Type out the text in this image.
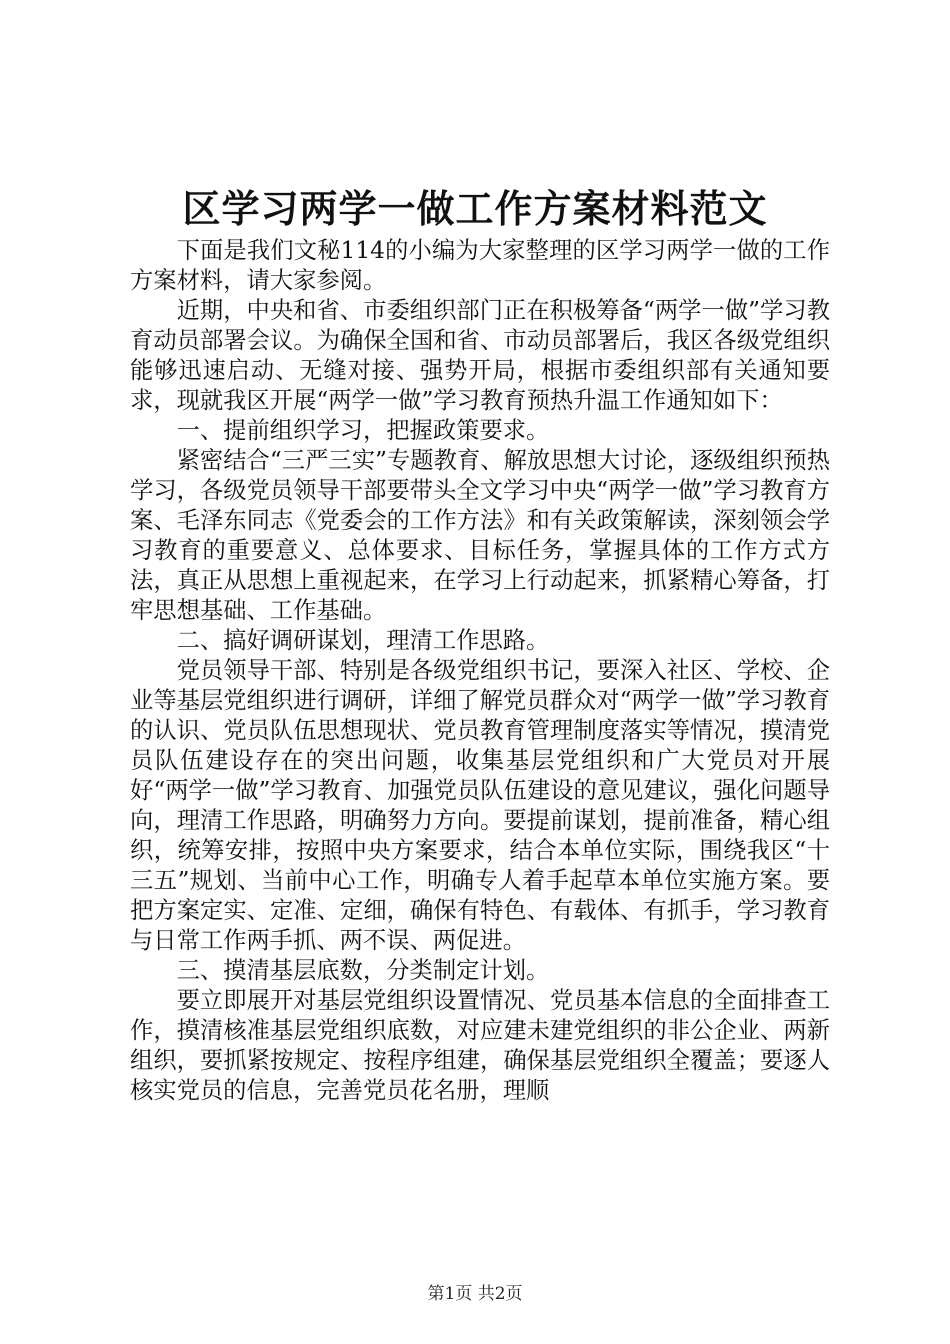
区学习两学一做工作方案材料范文

下面是我们文秘114的小编为大家整理的区学习两学一做的工作方案材料，请大家参阅。

近期，中央和省、市委组织部门正在积极筹备“两学一做”学习教育动员部署会议。为确保全国和省、市动员部署后，我区各级党组织能够迅速启动、无缝对接、强势开局，根据市委组织部有关通知要求，现就我区开展“两学一做”学习教育预热升温工作通知如下：

一、提前组织学习，把握政策要求。

紧密结合“三严三实”专题教育、解放思想大讨论，逐级组织预热学习，各级党员领导干部要带头全文学习中央“两学一做”学习教育方案、毛泽东同志《党委会的工作方法》和有关政策解读，深刻领会学习教育的重要意义、总体要求、目标任务，掌握具体的工作方式方法，真正从思想上重视起来，在学习上行动起来，抓紧精心筹备，打牢思想基础、工作基础。

二、搞好调研谋划，理清工作思路。

党员领导干部、特别是各级党组织书记，要深入社区、学校、企业等基层党组织进行调研，详细了解党员群众对“两学一做”学习教育的认识、党员队伍思想现状、党员教育管理制度落实等情况，摸清党员队伍建设存在的突出问题，收集基层党组织和广大党员对开展好“两学一做”学习教育、加强党员队伍建设的意见建议，强化问题导向，理清工作思路，明确努力方向。要提前谋划，提前准备，精心组织，统筹安排，按照中央方案要求，结合本单位实际，围绕我区“十三五”规划、当前中心工作，明确专人着手起草本单位实施方案。要把方案定实、定准、定细，确保有特色、有载体、有抓手，学习教育与日常工作两手抓、两不误、两促进。

三、摸清基层底数，分类制定计划。

要立即展开对基层党组织设置情况、党员基本信息的全面排查工作，摸清核准基层党组织底数，对应建未建党组织的非公企业、两新组织，要抓紧按规定、按程序组建，确保基层党组织全覆盖；要逐人核实党员的信息，完善党员花名册，理顺

第1页 共2页
